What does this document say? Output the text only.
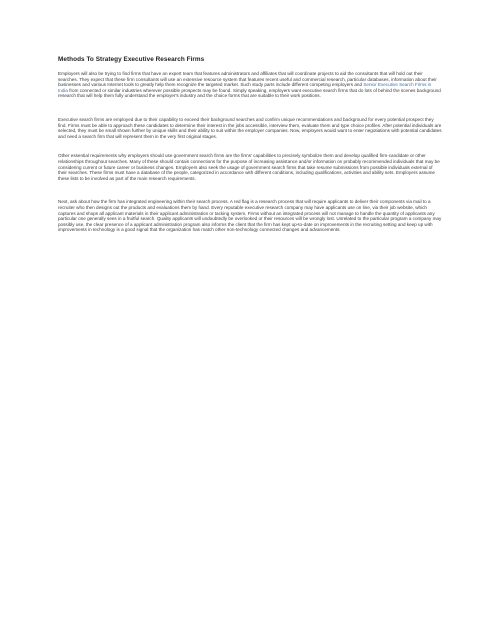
Methods To Strategy Executive Research Firms

Employers will also be trying to find firms that have an expert team that features administrators and affiliates that will coordinate projects to aid the consultants that will hold out their searches. They expect that these firm consultants will use an extensive resource system that features recent useful and commercial research, particular databases, information about their businesses and various Internet tools to greatly help them recognize the targeted market. Such study parts include different competing employers and Senior Executive Search Firms in India from connected or similar industries wherever possible prospects may be found. Simply speaking, employers want executive search firms that do lots of behind the scenes background research that will help them fully understand the employer's industry and the choice forms that are suitable to their work positions.

Executive search firms are employed due to their capability to exceed their background searches and confirm unique recommendations and background for every potential prospect they find. Firms must be able to approach these candidates to determine their interest in the jobs accessible, interview them, evaluate them and type choice profiles. After potential individuals are selected, they must be small shown further by unique skills and their ability to suit within the employer companies. Now, employers would want to enter negotiations with potential candidates and need a search firm that will represent them in the very first original stages.

Other essential requirements why employers should use government search firms are the firms' capabilities to precisely symbolize them and develop qualified firm-candidate or other relationships throughout searches. Many of these should contain connections for the purpose of increasing assistance and/or information on probably recommended individuals that may be considering current or future career or business changes. Employers also seek the usage of government search firms that take resume submissions from possible individuals external of their searches. These firms must have a database of the people, categorized in accordance with different conditions, including qualifications, activities and ability sets. Employers assume these lists to be involved as part of the main research requirements.

Next, ask about how the firm has integrated engineering within their search process. A red flag is a research process that will require applicants to deliver their components via mail to a recruiter who then designs out the products and evaluations them by hand. Every reputable executive research company may have applicants use on line, via their job website, which captures and shops all applicant materials in their applicant administration or tacking system. Firms without an integrated process will not manage to handle the quantity of applicants any particular one generally sees in a fruitful search. Quality applicants will undoubtedly be overlooked or their resources will be wrongly lost. Unrelated to the particular program a company may possibly use, the clear presence of a applicant administration program also informs the client that the firm has kept up-to-date on improvements in the recruiting setting and keep up with improvements in technology is a good signal that the organization has match other non-technology connected changes and advancements.
